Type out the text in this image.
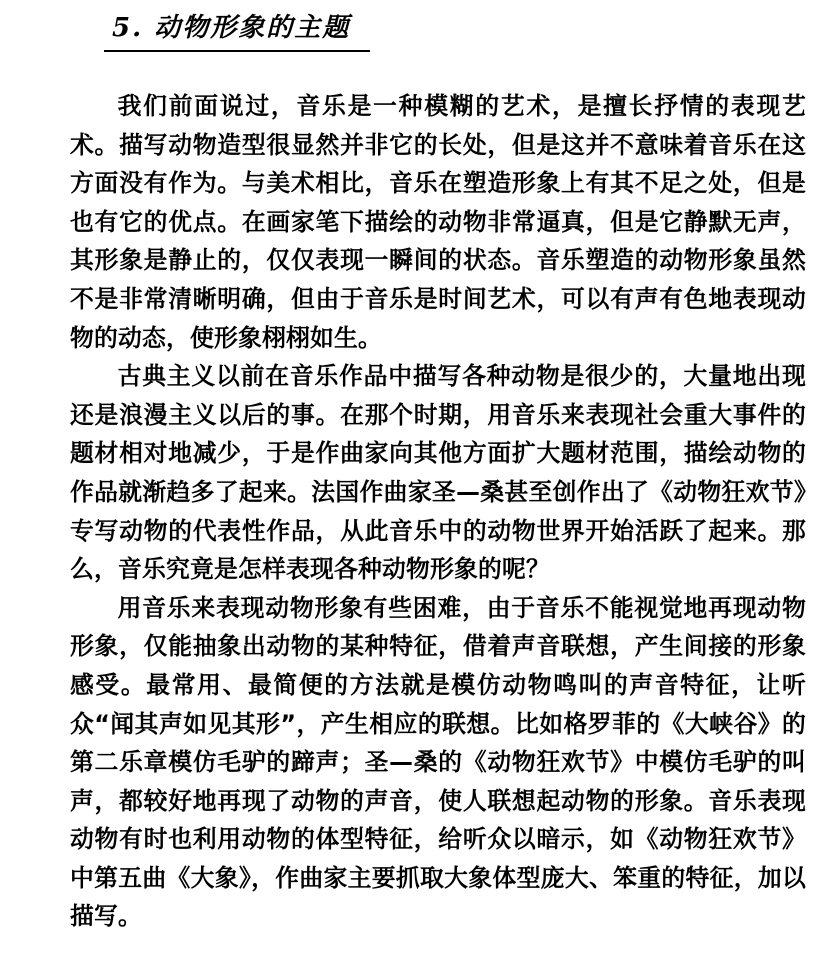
5. 动物形象的主题

我们前面说过，音乐是一种模糊的艺术，是擅长抒情的表现艺术。描写动物造型很显然并非它的长处，但是这并不意味着音乐在这方面没有作为。与美术相比，音乐在塑造形象上有其不足之处，但是也有它的优点。在画家笔下描绘的动物非常逼真，但是它静默无声，其形象是静止的，仅仅表现一瞬间的状态。音乐塑造的动物形象虽然不是非常清晰明确，但由于音乐是时间艺术，可以有声有色地表现动物的动态，使形象栩栩如生。

古典主义以前在音乐作品中描写各种动物是很少的，大量地出现还是浪漫主义以后的事。在那个时期，用音乐来表现社会重大事件的题材相对地减少，于是作曲家向其他方面扩大题材范围，描绘动物的作品就渐趋多了起来。法国作曲家圣—桑甚至创作出了《动物狂欢节》专写动物的代表性作品，从此音乐中的动物世界开始活跃了起来。那么，音乐究竟是怎样表现各种动物形象的呢？

用音乐来表现动物形象有些困难，由于音乐不能视觉地再现动物形象，仅能抽象出动物的某种特征，借着声音联想，产生间接的形象感受。最常用、最简便的方法就是模仿动物鸣叫的声音特征，让听众“闻其声如见其形”，产生相应的联想。比如格罗菲的《大峡谷》的第二乐章模仿毛驴的蹄声；圣—桑的《动物狂欢节》中模仿毛驴的叫声，都较好地再现了动物的声音，使人联想起动物的形象。音乐表现动物有时也利用动物的体型特征，给听众以暗示，如《动物狂欢节》中第五曲《大象》，作曲家主要抓取大象体型庞大、笨重的特征，加以描写。
